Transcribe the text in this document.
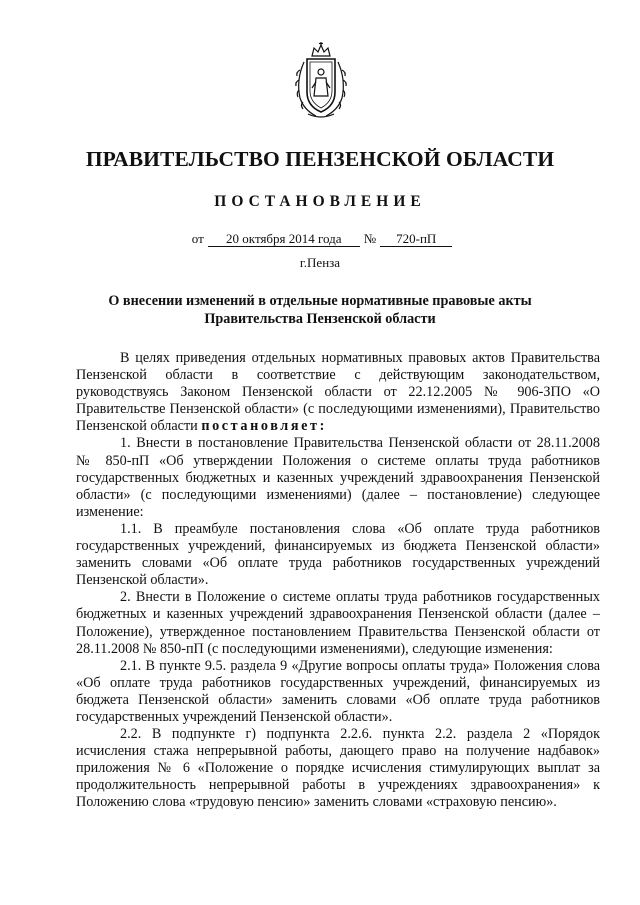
ПРАВИТЕЛЬСТВО ПЕНЗЕНСКОЙ ОБЛАСТИ
ПОСТАНОВЛЕНИЕ
от 20 октября 2014 года № 720-пП
г.Пенза
О внесении изменений в отдельные нормативные правовые акты
Правительства Пензенской области

В целях приведения отдельных нормативных правовых актов Правительства Пензенской области в соответствие с действующим законодательством, руководствуясь Законом Пензенской области от 22.12.2005 № 906-ЗПО «О Правительстве Пензенской области» (с последующими изменениями), Правительство Пензенской области постановляет:

1. Внести в постановление Правительства Пензенской области от 28.11.2008 № 850-пП «Об утверждении Положения о системе оплаты труда работников государственных бюджетных и казенных учреждений здравоохранения Пензенской области» (с последующими изменениями) (далее – постановление) следующее изменение:

1.1. В преамбуле постановления слова «Об оплате труда работников государственных учреждений, финансируемых из бюджета Пензенской области» заменить словами «Об оплате труда работников государственных учреждений Пензенской области».

2. Внести в Положение о системе оплаты труда работников государственных бюджетных и казенных учреждений здравоохранения Пензенской области (далее – Положение), утвержденное постановлением Правительства Пензенской области от 28.11.2008 № 850-пП (с последующими изменениями), следующие изменения:

2.1. В пункте 9.5. раздела 9 «Другие вопросы оплаты труда» Положения слова «Об оплате труда работников государственных учреждений, финансируемых из бюджета Пензенской области» заменить словами «Об оплате труда работников государственных учреждений Пензенской области».

2.2. В подпункте г) подпункта 2.2.6. пункта 2.2. раздела 2 «Порядок исчисления стажа непрерывной работы, дающего право на получение надбавок» приложения № 6 «Положение о порядке исчисления стимулирующих выплат за продолжительность непрерывной работы в учреждениях здравоохранения» к Положению слова «трудовую пенсию» заменить словами «страховую пенсию».
